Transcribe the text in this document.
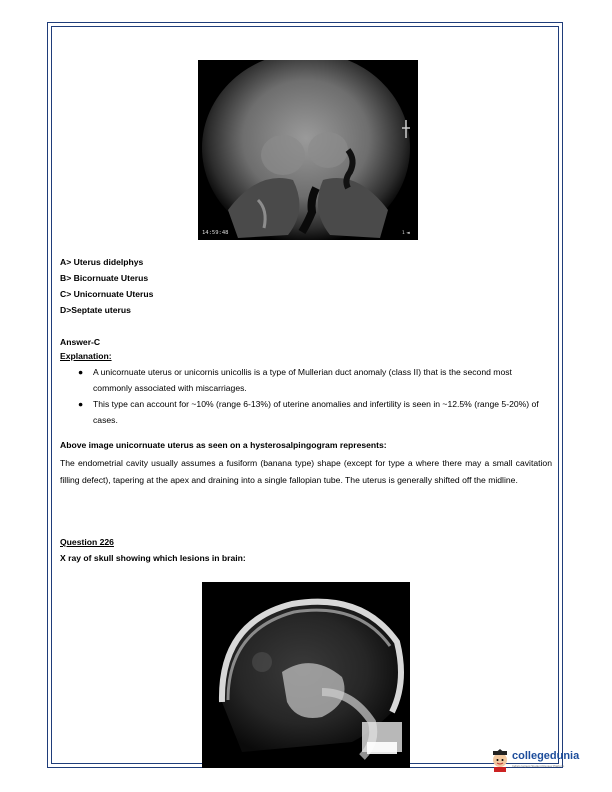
14:59:48	1 ◄
A> Uterus didelphys
B> Bicornuate Uterus
C> Unicornuate Uterus
D>Septate uterus
Answer-C
Explanation:
● A unicornuate uterus or unicornis unicollis is a type of Mullerian duct anomaly (class II) that is the second most commonly associated with miscarriages.
● This type can account for ~10% (range 6-13%) of uterine anomalies and infertility is seen in ~12.5% (range 5-20%) of cases.
Above image unicornuate uterus as seen on a hysterosalpingogram represents:
The endometrial cavity usually assumes a fusiform (banana type) shape (except for type a where there may a small cavitation filling defect), tapering at the apex and draining into a single fallopian tube. The uterus is generally shifted off the midline.
Question 226
X ray of skull showing which lesions in brain:
collegedunia
India's largest Student Review Platform
